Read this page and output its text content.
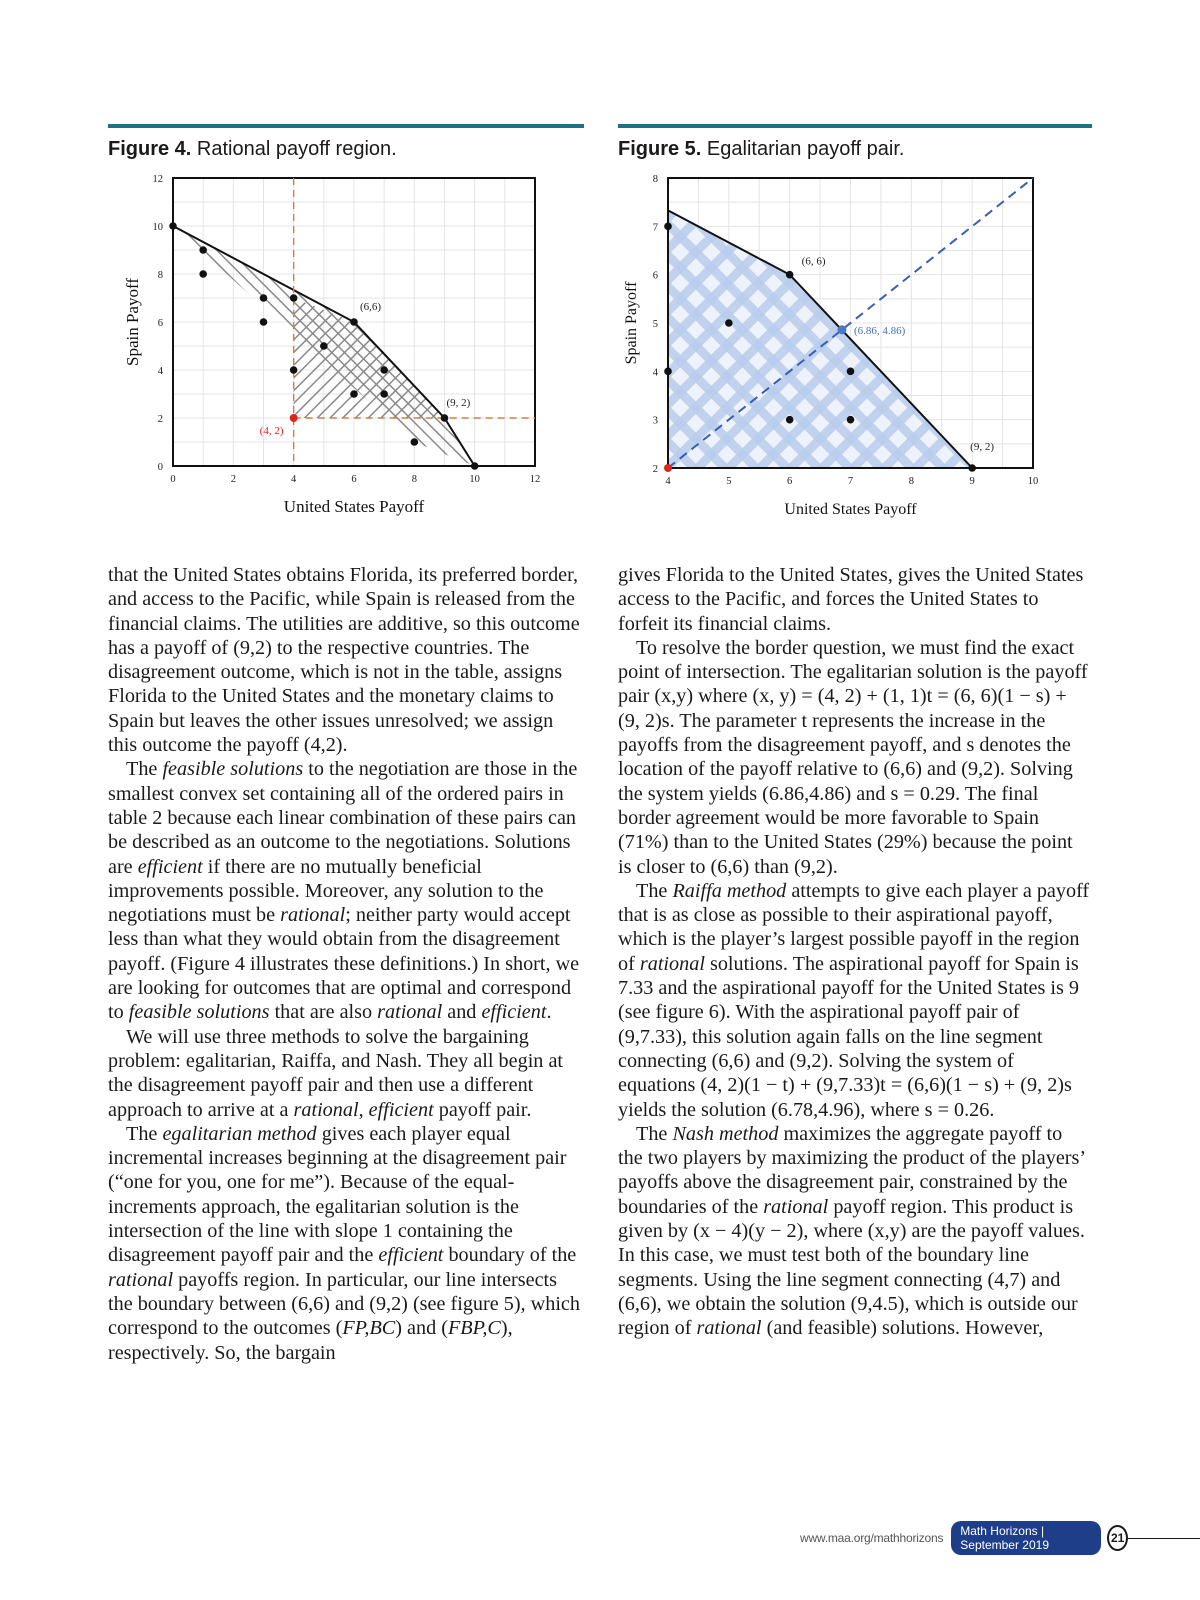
Figure 4. Rational payoff region.	Figure 5. Egalitarian payoff pair.
0	2	4	6	8	10	12
0
2
4
6
8
10
12
United States Payoff
Spain Payoff	(6,6)
(9, 2)
(4, 2)
4	5	6	7	8	9	10
2
3
4
5
6
7
8
United States Payoff
Spain Payoff
(6, 6)
(6.86, 4.86)
(9, 2)

that the United States obtains Florida, its preferred border, and access to the Pacific, while Spain is released from the financial claims. The utilities are additive, so this outcome has a payoff of (9,2) to the respective countries. The disagreement outcome, which is not in the table, assigns Florida to the United States and the monetary claims to Spain but leaves the other issues unresolved; we assign this outcome the payoff (4,2).

The feasible solutions to the negotiation are those in the smallest convex set containing all of the ordered pairs in table 2 because each linear combination of these pairs can be described as an outcome to the negotiations. Solutions are efficient if there are no mutually beneficial improvements possible. Moreover, any solution to the negotiations must be rational; neither party would accept less than what they would obtain from the disagreement payoff. (Figure 4 illustrates these definitions.) In short, we are looking for outcomes that are optimal and correspond to feasible solutions that are also rational and efficient.

We will use three methods to solve the bargaining problem: egalitarian, Raiffa, and Nash. They all begin at the disagreement payoff pair and then use a different approach to arrive at a rational, efficient payoff pair.

The egalitarian method gives each player equal incremental increases beginning at the disagreement pair (“one for you, one for me”). Because of the equal-increments approach, the egalitarian solution is the intersection of the line with slope 1 containing the disagreement payoff pair and the efficient boundary of the rational payoffs region. In particular, our line intersects the boundary between (6,6) and (9,2) (see figure 5), which correspond to the outcomes (FP,BC) and (FBP,C), respectively. So, the bargain

gives Florida to the United States, gives the United States access to the Pacific, and forces the United States to forfeit its financial claims.

To resolve the border question, we must find the exact point of intersection. The egalitarian solution is the payoff pair (x,y) where (x, y) = (4, 2) + (1, 1)t = (6, 6)(1 − s) + (9, 2)s. The parameter t represents the increase in the payoffs from the disagreement payoff, and s denotes the location of the payoff relative to (6,6) and (9,2). Solving the system yields (6.86,4.86) and s = 0.29. The final border agreement would be more favorable to Spain (71%) than to the United States (29%) because the point is closer to (6,6) than (9,2).

The Raiffa method attempts to give each player a payoff that is as close as possible to their aspirational payoff, which is the player’s largest possible payoff in the region of rational solutions. The aspirational payoff for Spain is 7.33 and the aspirational payoff for the United States is 9 (see figure 6). With the aspirational payoff pair of (9,7.33), this solution again falls on the line segment connecting (6,6) and (9,2). Solving the system of equations (4, 2)(1 − t) + (9,7.33)t = (6,6)(1 − s) + (9, 2)s yields the solution (6.78,4.96), where s = 0.26.

The Nash method maximizes the aggregate payoff to the two players by maximizing the product of the players’ payoffs above the disagreement pair, constrained by the boundaries of the rational payoff region. This product is given by (x − 4)(y − 2), where (x,y) are the payoff values. In this case, we must test both of the boundary line segments. Using the line segment connecting (4,7) and (6,6), we obtain the solution (9,4.5), which is outside our region of rational (and feasible) solutions. However,

www.maa.org/mathhorizons	Math Horizons | September 2019	21
